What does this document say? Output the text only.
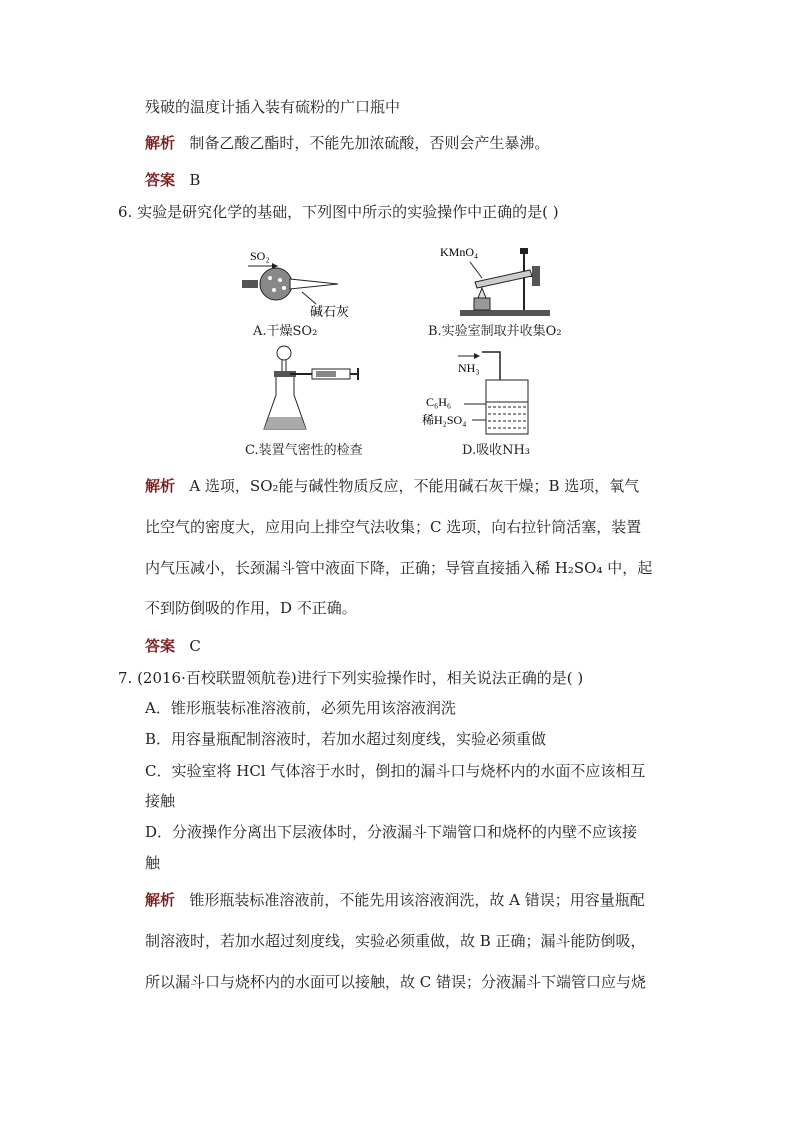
残破的温度计插入装有硫粉的广口瓶中
解析 制备乙酸乙酯时，不能先加浓硫酸，否则会产生暴沸。
答案 B
6. 实验是研究化学的基础，下列图中所示的实验操作中正确的是( )
SO₂
碱石灰
A.干燥SO₂
KMnO₄
B.实验室制取并收集O₂
C.装置气密性的检查
NH₃
C₆H₆
稀H₂SO₄
D.吸收NH₃
解析 A 选项，SO₂能与碱性物质反应，不能用碱石灰干燥；B 选项，氧气
比空气的密度大，应用向上排空气法收集；C 选项，向右拉针筒活塞，装置
内气压减小，长颈漏斗管中液面下降，正确；导管直接插入稀 H₂SO₄ 中，起
不到防倒吸的作用，D 不正确。
答案 C
7. (2016·百校联盟领航卷)进行下列实验操作时，相关说法正确的是( )
A．锥形瓶装标准溶液前，必须先用该溶液润洗
B．用容量瓶配制溶液时，若加水超过刻度线，实验必须重做
C．实验室将 HCl 气体溶于水时，倒扣的漏斗口与烧杯内的水面不应该相互
接触
D．分液操作分离出下层液体时，分液漏斗下端管口和烧杯的内壁不应该接
触
解析 锥形瓶装标准溶液前，不能先用该溶液润洗，故 A 错误；用容量瓶配
制溶液时，若加水超过刻度线，实验必须重做，故 B 正确；漏斗能防倒吸，
所以漏斗口与烧杯内的水面可以接触，故 C 错误；分液漏斗下端管口应与烧
